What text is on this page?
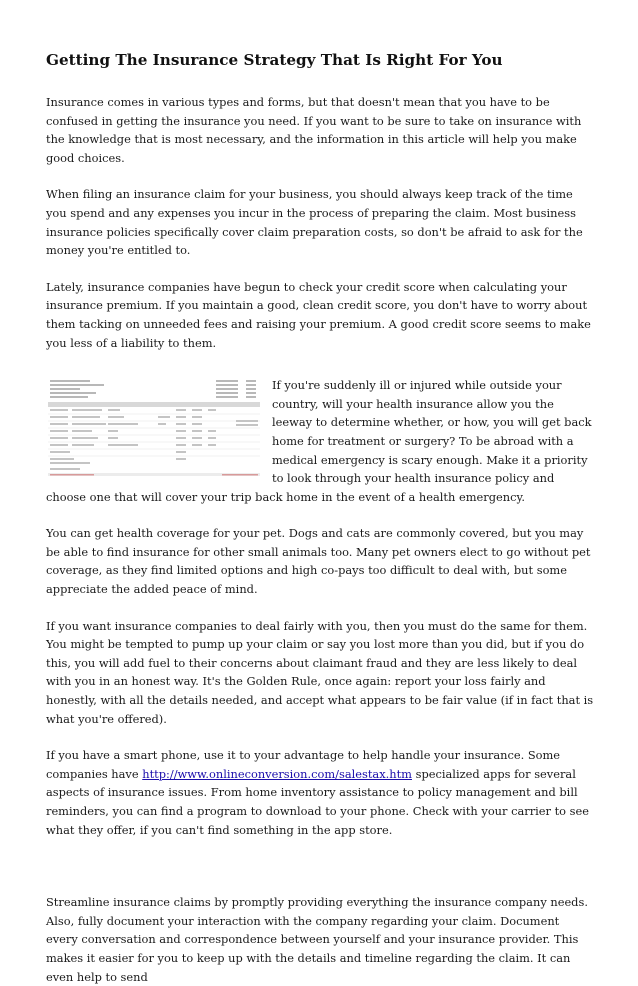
Getting The Insurance Strategy That Is Right For You

Insurance comes in various types and forms, but that doesn't mean that you have to be confused in getting the insurance you need. If you want to be sure to take on insurance with the knowledge that is most necessary, and the information in this article will help you make good choices.

When filing an insurance claim for your business, you should always keep track of the time you spend and any expenses you incur in the process of preparing the claim. Most business insurance policies specifically cover claim preparation costs, so don't be afraid to ask for the money you're entitled to.

Lately, insurance companies have begun to check your credit score when calculating your insurance premium. If you maintain a good, clean credit score, you don't have to worry about them tacking on unneeded fees and raising your premium. A good credit score seems to make you less of a liability to them.

If you're suddenly ill or injured while outside your country, will your health insurance allow you the leeway to determine whether, or how, you will get back home for treatment or surgery? To be abroad with a medical emergency is scary enough. Make it a priority to look through your health insurance policy and choose one that will cover your trip back home in the event of a health emergency.

You can get health coverage for your pet. Dogs and cats are commonly covered, but you may be able to find insurance for other small animals too. Many pet owners elect to go without pet coverage, as they find limited options and high co-pays too difficult to deal with, but some appreciate the added peace of mind.

If you want insurance companies to deal fairly with you, then you must do the same for them. You might be tempted to pump up your claim or say you lost more than you did, but if you do this, you will add fuel to their concerns about claimant fraud and they are less likely to deal with you in an honest way. It's the Golden Rule, once again: report your loss fairly and honestly, with all the details needed, and accept what appears to be fair value (if in fact that is what you're offered).

If you have a smart phone, use it to your advantage to help handle your insurance. Some companies have http://www.onlineconversion.com/salestax.htm specialized apps for several aspects of insurance issues. From home inventory assistance to policy management and bill reminders, you can find a program to download to your phone. Check with your carrier to see what they offer, if you can't find something in the app store.

Streamline insurance claims by promptly providing everything the insurance company needs. Also, fully document your interaction with the company regarding your claim. Document every conversation and correspondence between yourself and your insurance provider. This makes it easier for you to keep up with the details and timeline regarding the claim. It can even help to send
